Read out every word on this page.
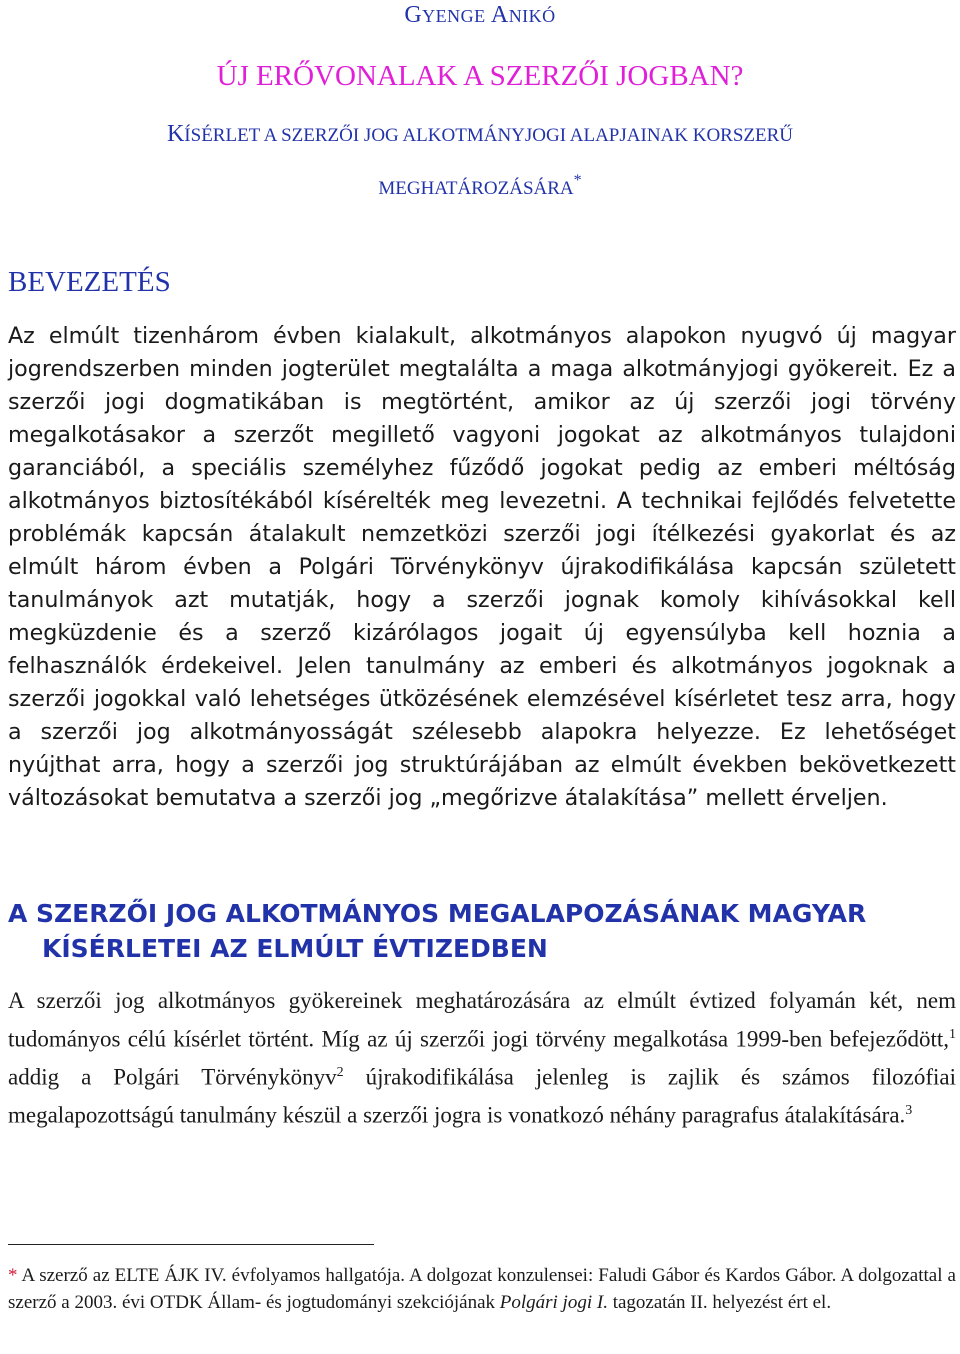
GYENGE ANIKÓ
ÚJ ERŐVONALAK A SZERZŐI JOGBAN?
KÍSÉRLET A SZERZŐI JOG ALKOTMÁNYJOGI ALAPJAINAK KORSZERŰ
MEGHATÁROZÁSÁRA*
BEVEZETÉS

Az elmúlt tizenhárom évben kialakult, alkotmányos alapokon nyugvó új magyar jogrendszerben minden jogterület megtalálta a maga alkotmányjogi gyökereit. Ez a szerzői jogi dogmatikában is megtörtént, amikor az új szerzői jogi törvény megalkotásakor a szerzőt megillető vagyoni jogokat az alkotmányos tulajdoni garanciából, a speciális személyhez fűződő jogokat pedig az emberi méltóság alkotmányos biztosítékából kísérelték meg levezetni. A technikai fejlődés felvetette problémák kapcsán átalakult nemzetközi szerzői jogi ítélkezési gyakorlat és az elmúlt három évben a Polgári Törvénykönyv újrakodifikálása kapcsán született tanulmányok azt mutatják, hogy a szerzői jognak komoly kihívásokkal kell megküzdenie és a szerző kizárólagos jogait új egyensúlyba kell hoznia a felhasználók érdekeivel. Jelen tanulmány az emberi és alkotmányos jogoknak a szerzői jogokkal való lehetséges ütközésének elemzésével kísérletet tesz arra, hogy a szerzői jog alkotmányosságát szélesebb alapokra helyezze. Ez lehetőséget nyújthat arra, hogy a szerzői jog struktúrájában az elmúlt években bekövetkezett változásokat bemutatva a szerzői jog „megőrizve átalakítása” mellett érveljen.

A SZERZŐI JOG ALKOTMÁNYOS MEGALAPOZÁSÁNAK MAGYAR
KÍSÉRLETEI AZ ELMÚLT ÉVTIZEDBEN

A szerzői jog alkotmányos gyökereinek meghatározására az elmúlt évtized folyamán két, nem tudományos célú kísérlet történt. Míg az új szerzői jogi törvény megalkotása 1999-ben befejeződött,$^1$ addig a Polgári Törvénykönyv$^2$ újrakodifikálása jelenleg is zajlik és számos filozófiai megalapozottságú tanulmány készül a szerzői jogra is vonatkozó néhány paragrafus átalakítására.$^3$

* A szerző az ELTE ÁJK IV. évfolyamos hallgatója. A dolgozat konzulensei: Faludi Gábor és Kardos Gábor. A dolgozattal a szerző a 2003. évi OTDK Állam- és jogtudományi szekciójának Polgári jogi I. tagozatán II. helyezést ért el.
